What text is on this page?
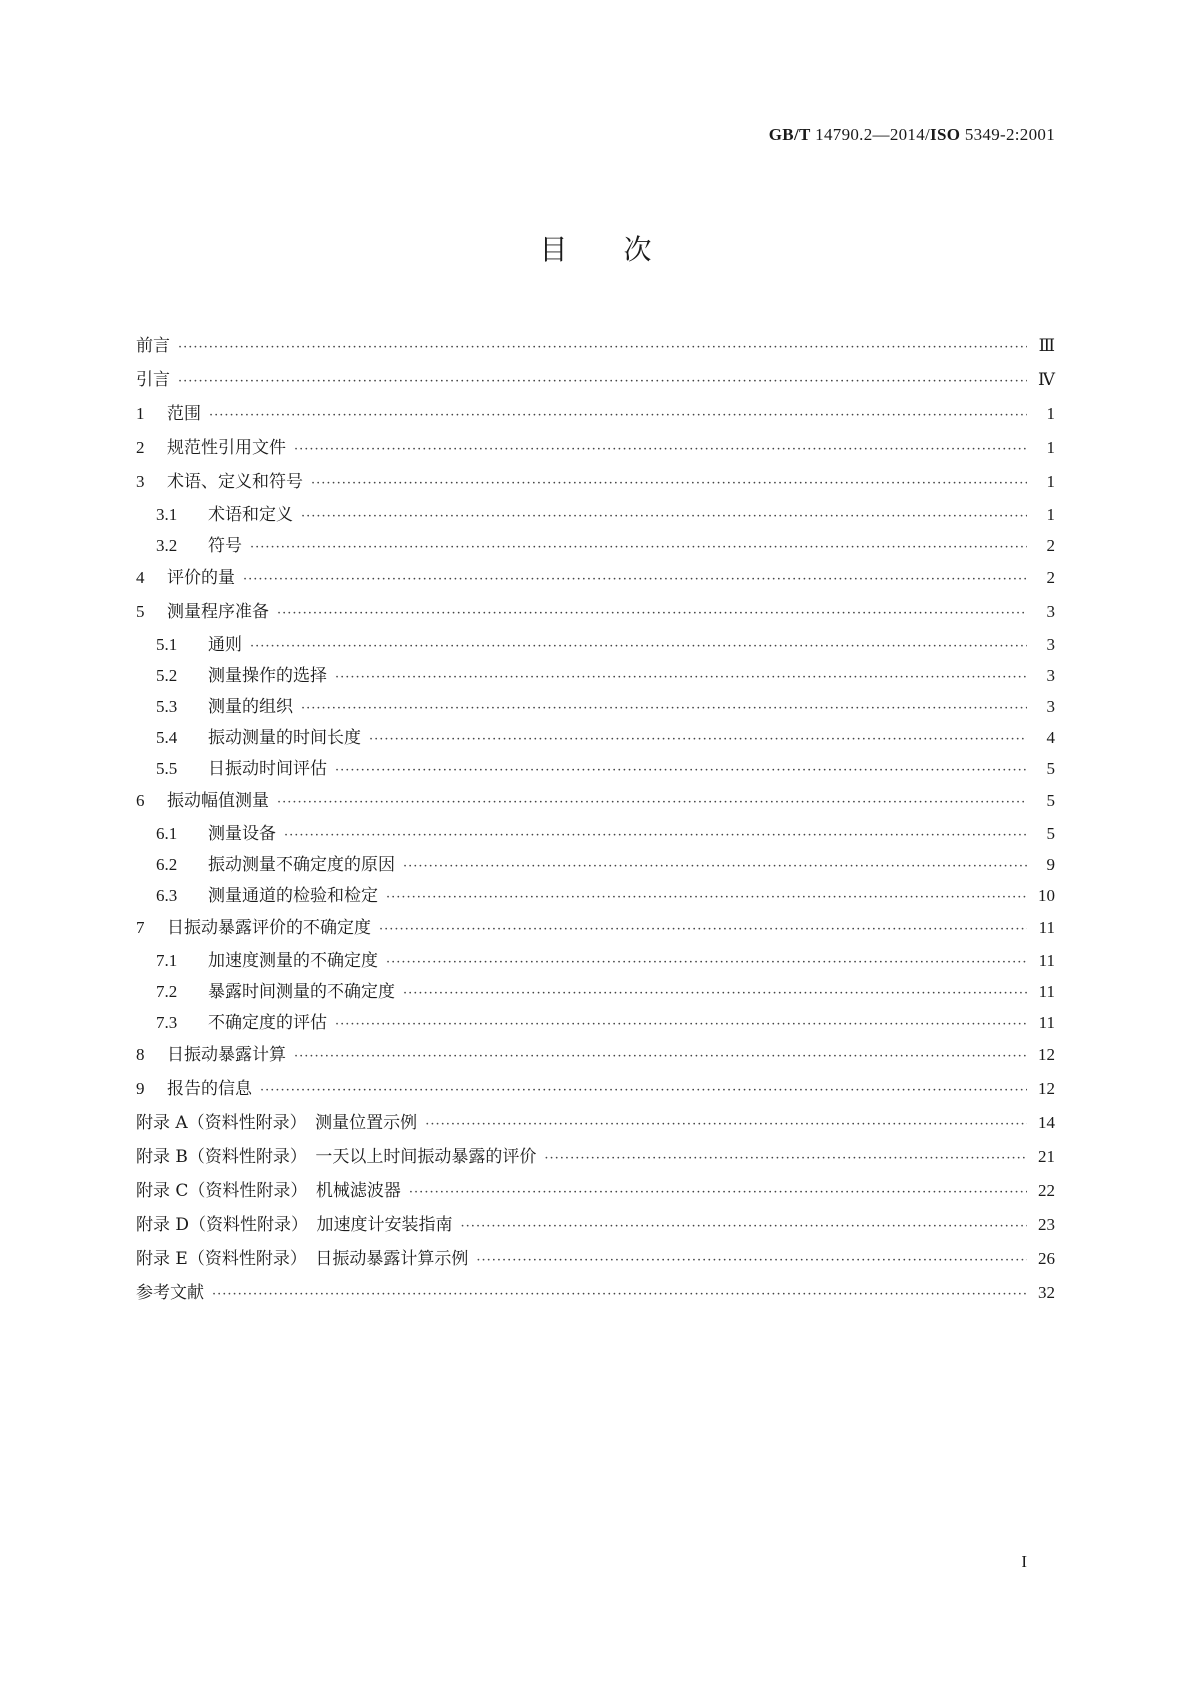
GB/T 14790.2—2014/ISO 5349-2:2001
目次
前言 ·····	Ⅲ
引言 ·····	Ⅳ
1	范围 ·····	1
2	规范性引用文件 ·····	1
3	术语、定义和符号 ·····	1
3.1	术语和定义 ·····	1
3.2	符号 ·····	2
4	评价的量 ·····	2
5	测量程序准备 ·····	3
5.1	通则 ·····	3
5.2	测量操作的选择 ·····	3
5.3	测量的组织 ·····	3
5.4	振动测量的时间长度 ·····	4
5.5	日振动时间评估 ·····	5
6	振动幅值测量 ·····	5
6.1	测量设备 ·····	5
6.2	振动测量不确定度的原因 ·····	9
6.3	测量通道的检验和检定 ·····	10
7	日振动暴露评价的不确定度 ·····	11
7.1	加速度测量的不确定度 ·····	11
7.2	暴露时间测量的不确定度 ·····	11
7.3	不确定度的评估 ·····	11
8	日振动暴露计算 ·····	12
9	报告的信息 ·····	12
附录 A（资料性附录）　测量位置示例 ·····	14
附录 B（资料性附录）　一天以上时间振动暴露的评价 ·····	21
附录 C（资料性附录）　机械滤波器 ·····	22
附录 D（资料性附录）　加速度计安装指南 ·····	23
附录 E（资料性附录）　日振动暴露计算示例 ·····	26
参考文献 ·····	32
I
